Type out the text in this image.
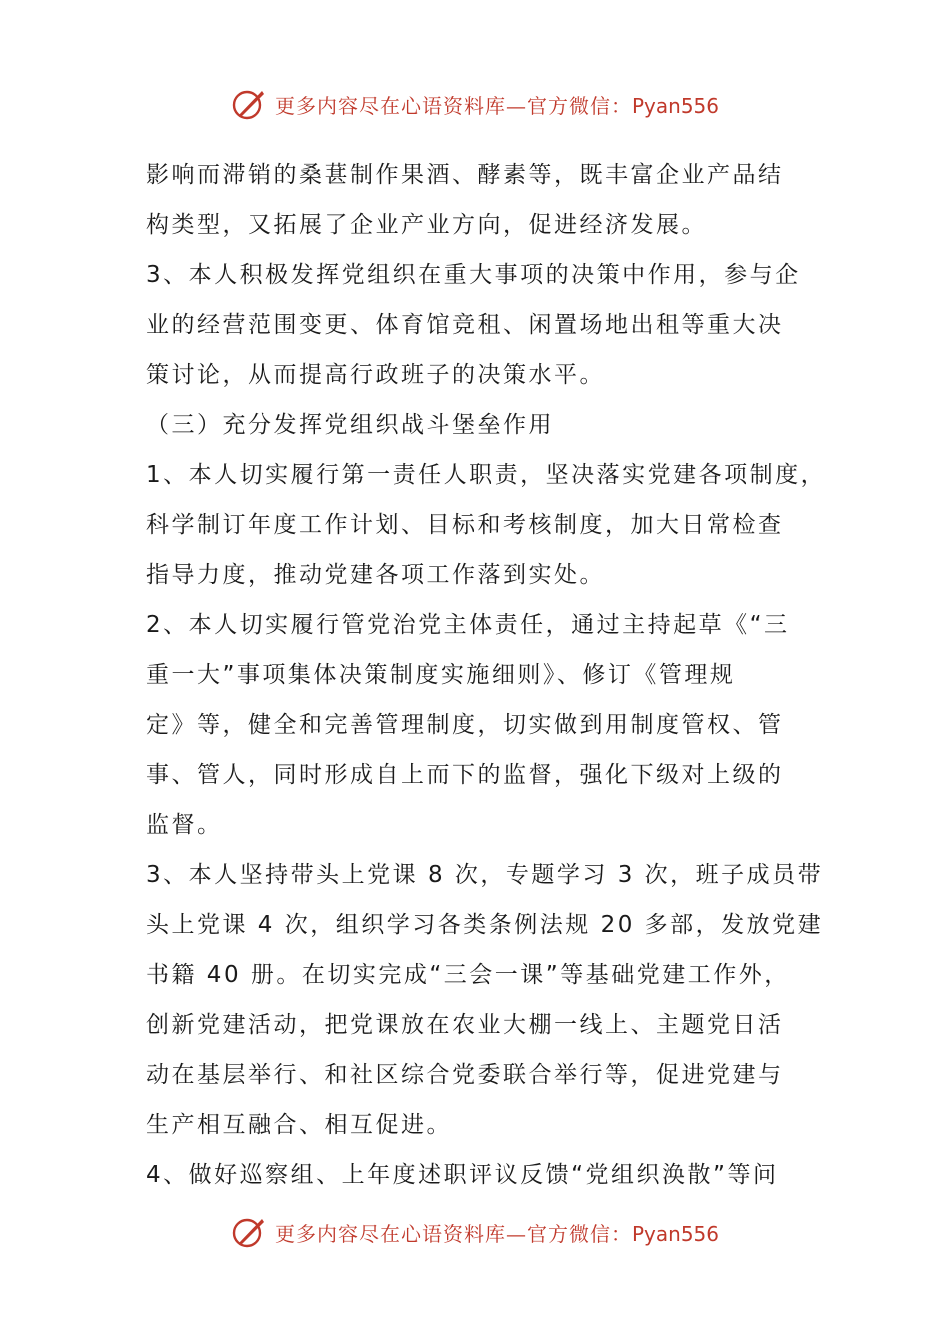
更多内容尽在心语资料库—官方微信：Pyan556
影响而滞销的桑葚制作果酒、酵素等，既丰富企业产品结
构类型，又拓展了企业产业方向，促进经济发展。
3、本人积极发挥党组织在重大事项的决策中作用，参与企
业的经营范围变更、体育馆竞租、闲置场地出租等重大决
策讨论，从而提高行政班子的决策水平。
（三）充分发挥党组织战斗堡垒作用
1、本人切实履行第一责任人职责，坚决落实党建各项制度，
科学制订年度工作计划、目标和考核制度，加大日常检查
指导力度，推动党建各项工作落到实处。
2、本人切实履行管党治党主体责任，通过主持起草《“三
重一大”事项集体决策制度实施细则》、修订《管理规
定》等，健全和完善管理制度，切实做到用制度管权、管
事、管人，同时形成自上而下的监督，强化下级对上级的
监督。
3、本人坚持带头上党课 8 次，专题学习 3 次，班子成员带
头上党课 4 次，组织学习各类条例法规 20 多部，发放党建
书籍 40 册。在切实完成“三会一课”等基础党建工作外，
创新党建活动，把党课放在农业大棚一线上、主题党日活
动在基层举行、和社区综合党委联合举行等，促进党建与
生产相互融合、相互促进。
4、做好巡察组、上年度述职评议反馈“党组织涣散”等问
更多内容尽在心语资料库—官方微信：Pyan556
